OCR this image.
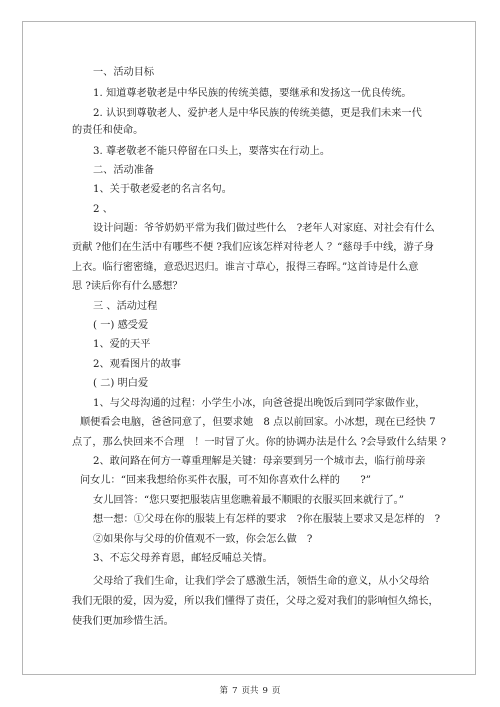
一、活动目标
1. 知道尊老敬老是中华民族的传统美德，要继承和发扬这一优良传统。
2. 认识到尊敬老人、爱护老人是中华民族的传统美德，更是我们未来一代
的责任和使命。
3. 尊老敬老不能只停留在口头上，要落实在行动上。
二、活动准备
1、关于敬老爱老的名言名句。
2 、
设计问题：爷爷奶奶平常为我们做过些什么　?老年人对家庭、对社会有什么
贡献 ?他们在生活中有哪些不便 ?我们应该怎样对待老人 ？“慈母手中线，游子身
上衣。临行密密缝，意恐迟迟归。谁言寸草心，报得三春晖。”这首诗是什么意
思 ?读后你有什么感想？
三 、活动过程
( 一) 感受爱
1、爱的天平
2、观看图片的故事
( 二) 明白爱
1、与父母沟通的过程：小学生小冰，向爸爸提出晚饭后到同学家做作业，
顺便看会电脑，爸爸同意了，但要求她　8 点以前回家。小冰想，现在已经快 7
点了，那么快回来不合理　！一时冒了火。你的协调办法是什么 ?会导致什么结果 ?
2、敢问路在何方一尊重理解是关键：母亲要到另一个城市去，临行前母亲
问女儿：“回来我想给你买件衣服，可不知你喜欢什么样的　　?”
女儿回答：“您只要把服装店里您瞧着最不顺眼的衣服买回来就行了。”
想一想：①父母在你的服装上有怎样的要求　?你在服装上要求又是怎样的　?
②如果你与父母的价值观不一致，你会怎么做　?
3、不忘父母养育恩，邮轻反哺总关情。
父母给了我们生命，让我们学会了感激生活，领悟生命的意义，从小父母给
我们无限的爱，因为爱，所以我们懂得了责任，父母之爱对我们的影响恒久绵长，
使我们更加珍惜生活。
第 7 页共 9 页
